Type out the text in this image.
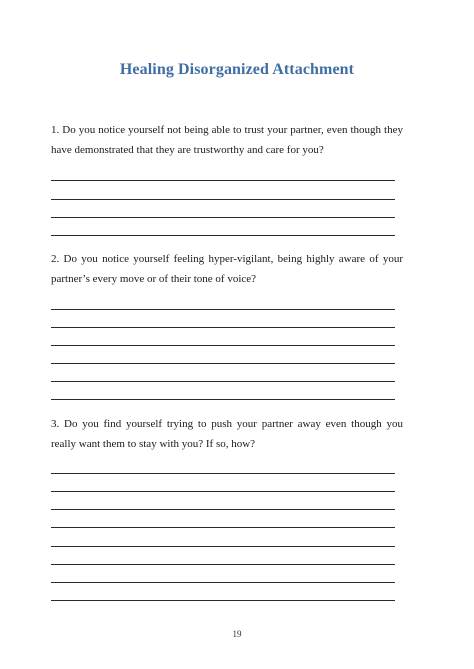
Healing Disorganized Attachment

1. Do you notice yourself not being able to trust your partner, even though they have demonstrated that they are trustworthy and care for you?

2. Do you notice yourself feeling hyper-vigilant, being highly aware of your partner’s every move or of their tone of voice?

3. Do you find yourself trying to push your partner away even though you really want them to stay with you? If so, how?

19
